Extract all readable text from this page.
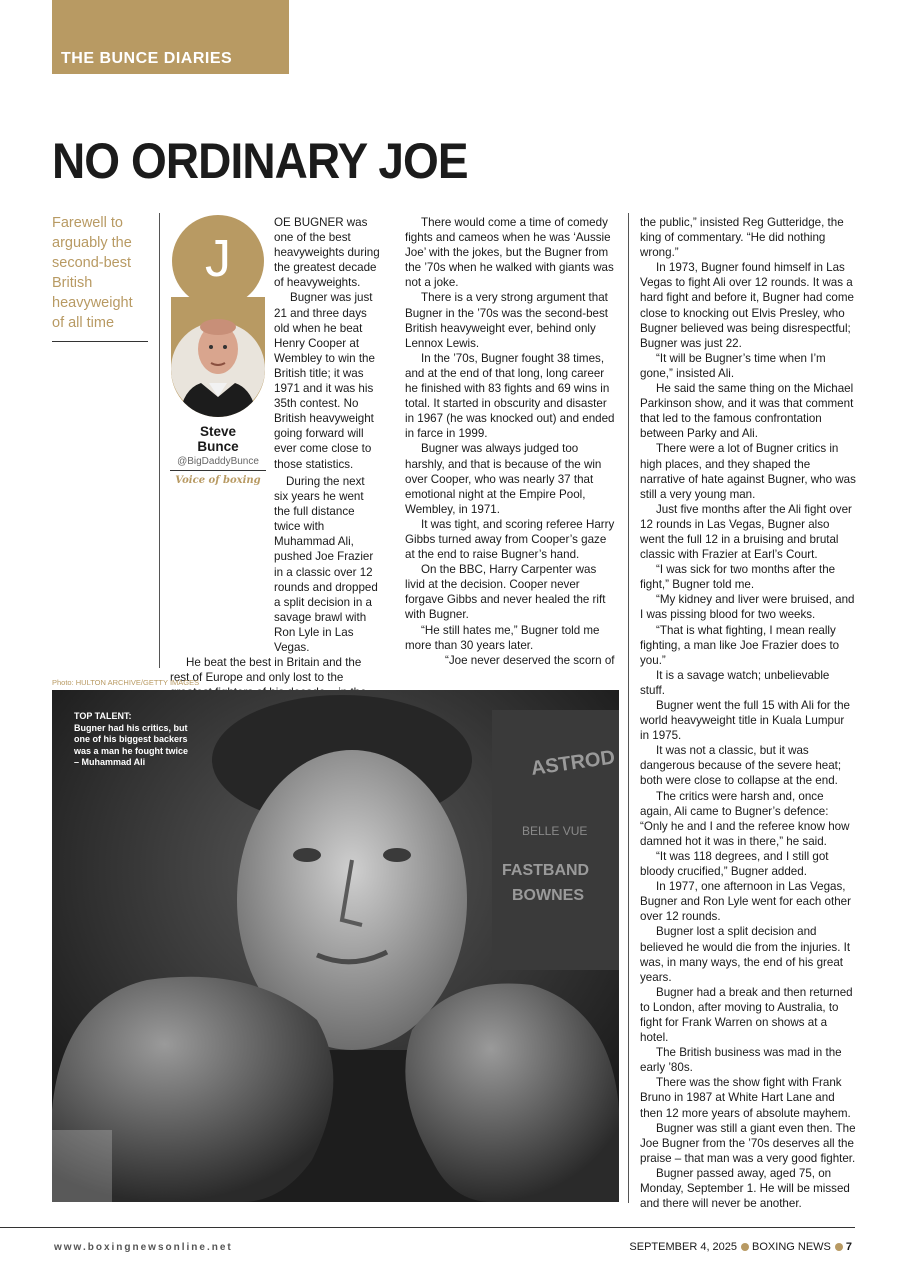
THE BUNCE DIARIES
NO ORDINARY JOE
Farewell to arguably the second-best British heavyweight of all time
J
Steve
Bunce
@BigDaddyBunce
Voice of boxing

OE BUGNER was one of the best heavyweights during the greatest decade of heavyweights.

Bugner was just 21 and three days old when he beat Henry Cooper at Wembley to win the British title; it was 1971 and it was his 35th contest. No British heavyweight going forward will ever come close to those statistics.

During the next six years he went the full distance twice with Muhammad Ali, pushed Joe Frazier in a classic over 12 rounds and dropped a split decision in a savage brawl with Ron Lyle in Las Vegas.

He beat the best in Britain and the rest of Europe and only lost to the

There would come a time of comedy fights and cameos when he was ‘Aussie Joe’ with the jokes, but the Bugner from the ’70s when he walked with giants was not a joke.

There is a very strong argument that Bugner in the ’70s was the second-best British heavyweight ever, behind only Lennox Lewis.

In the ’70s, Bugner fought 38 times, and at the end of that long, long career he finished with 83 fights and 69 wins in total. It started in obscurity and disaster in 1967 (he was knocked out) and ended in farce in 1999.

Bugner was always judged too harshly, and that is because of the win over Cooper, who was nearly 37 that emotional night at the Empire Pool, Wembley, in 1971.

It was tight, and scoring referee Harry Gibbs turned away from Cooper’s gaze at the end to raise Bugner’s hand.

On the BBC, Harry Carpenter was livid at the decision. Cooper never forgave Gibbs and never healed the rift with Bugner.

“He still hates me,” Bugner told me more than 30 years later.

“Joe never deserved the scorn of

the public,” insisted Reg Gutteridge, the king of commentary. “He did nothing wrong.”

In 1973, Bugner found himself in Las Vegas to fight Ali over 12 rounds. It was a hard fight and before it, Bugner had come close to knocking out Elvis Presley, who Bugner believed was being disrespectful; Bugner was just 22.

“It will be Bugner’s time when I’m gone,” insisted Ali.

He said the same thing on the Michael Parkinson show, and it was that comment that led to the famous confrontation between Parky and Ali.

There were a lot of Bugner critics in high places, and they shaped the narrative of hate against Bugner, who was still a very young man.

Just five months after the Ali fight over 12 rounds in Las Vegas, Bugner also went the full 12 in a bruising and brutal classic with Frazier at Earl’s Court.

“I was sick for two months after the fight,” Bugner told me.

“My kidney and liver were bruised, and I was pissing blood for two weeks.

“That is what fighting, I mean really fighting, a man like Joe Frazier does to you.”

It is a savage watch; unbelievable stuff.

Bugner went the full 15 with Ali for the world heavyweight title in Kuala Lumpur in 1975.

It was not a classic, but it was dangerous because of the severe heat; both were close to collapse at the end.

The critics were harsh and, once again, Ali came to Bugner’s defence: “Only he and I and the referee know how damned hot it was in there,” he said.

“It was 118 degrees, and I still got bloody crucified,” Bugner added.

In 1977, one afternoon in Las Vegas, Bugner and Ron Lyle went for each other over 12 rounds.

Bugner lost a split decision and believed he would die from the injuries. It was, in many ways, the end of his great years.

Bugner had a break and then returned to London, after moving to Australia, to fight for Frank Warren on shows at a hotel.

The British business was mad in the early ’80s.

There was the show fight with Frank Bruno in 1987 at White Hart Lane and then 12 more years of absolute mayhem.

Bugner was still a giant even then. The Joe Bugner from the ’70s deserves all the praise – that man was a very good fighter.

Bugner passed away, aged 75, on Monday, September 1. He will be missed and there will never be another.

Photo: HULTON ARCHIVE/GETTY IMAGES
ASTROD
BELLE VUE
FASTBAND
BOWNES
TOP TALENT:
Bugner had his critics, but one of his biggest backers was a man he fought twice – Muhammad Ali
www.boxingnewsonline.net	SEPTEMBER 4, 2025 BOXING NEWS 7
